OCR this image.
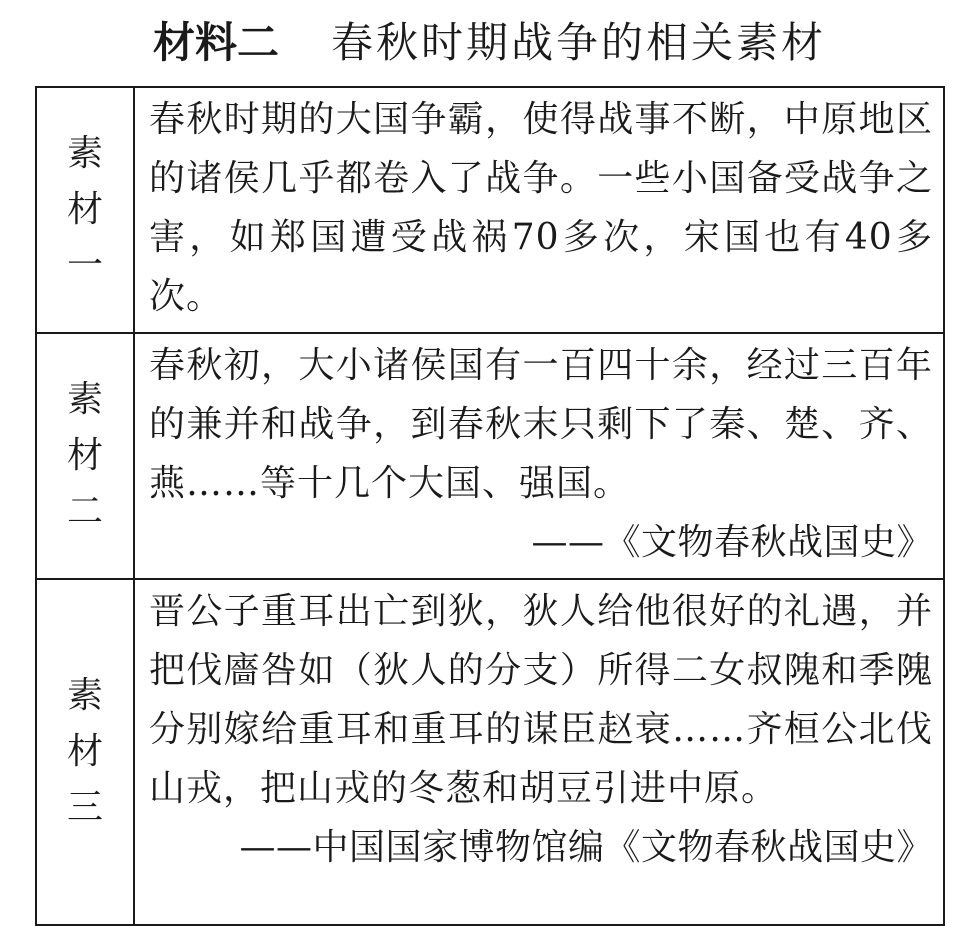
材料二 春秋时期战争的相关素材
素材一	春秋时期的大国争霸，使得战事不断，中原地区的诸侯几乎都卷入了战争。一些小国备受战争之害，如郑国遭受战祸70多次，宋国也有40多次。

素材二	春秋初，大小诸侯国有一百四十余，经过三百年的兼并和战争，到春秋末只剩下了秦、楚、齐、燕……等十几个大国、强国。
——《文物春秋战国史》

素材三	晋公子重耳出亡到狄，狄人给他很好的礼遇，并把伐廧咎如（狄人的分支）所得二女叔隗和季隗分别嫁给重耳和重耳的谋臣赵衰……齐桓公北伐山戎，把山戎的冬葱和胡豆引进中原。
——中国国家博物馆编《文物春秋战国史》
